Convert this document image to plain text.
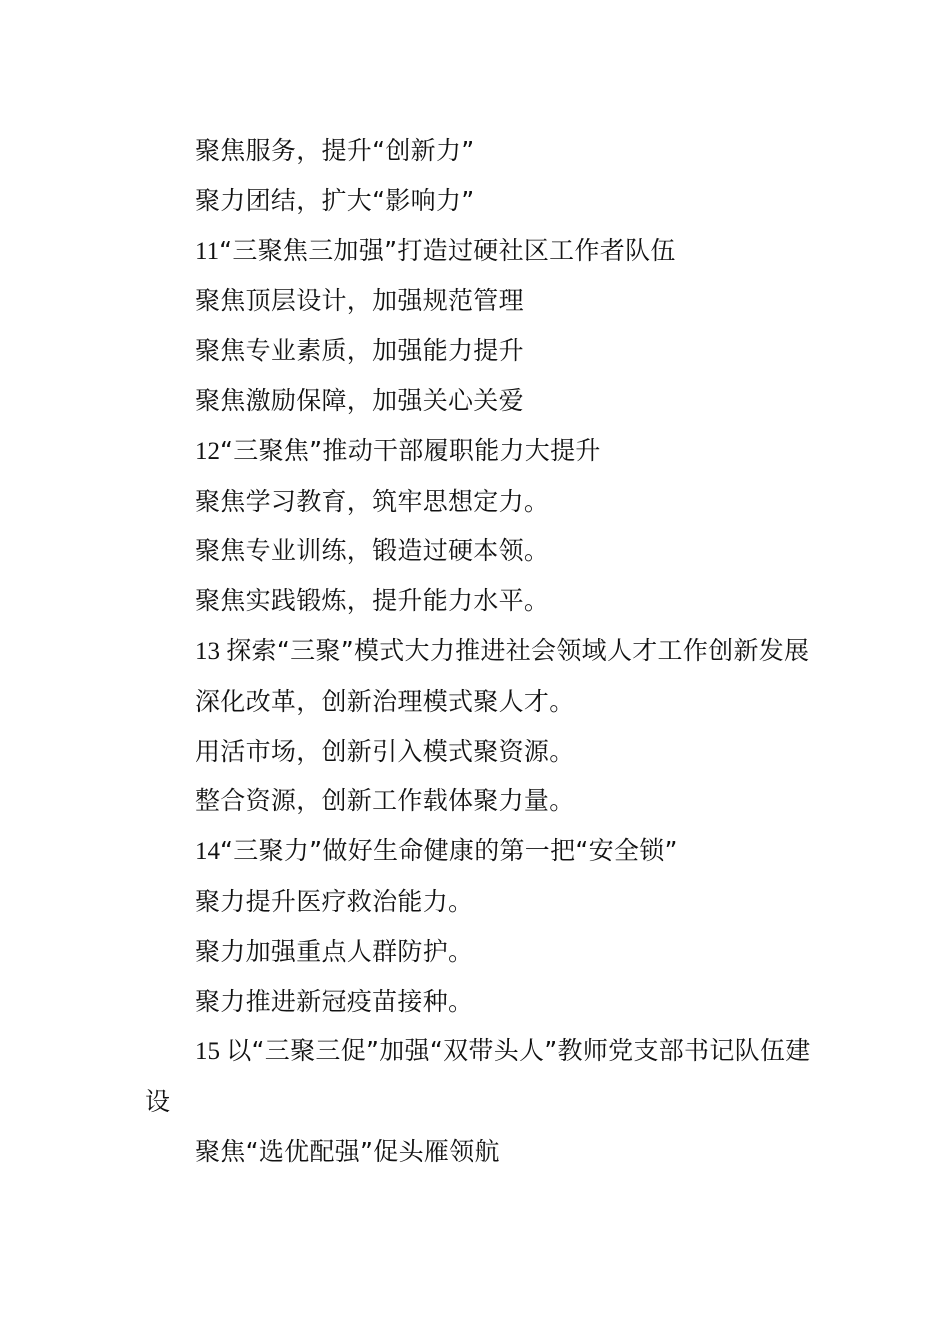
聚焦服务，提升“创新力”
聚力团结，扩大“影响力”
11“三聚焦三加强”打造过硬社区工作者队伍
聚焦顶层设计，加强规范管理
聚焦专业素质，加强能力提升
聚焦激励保障，加强关心关爱
12“三聚焦”推动干部履职能力大提升
聚焦学习教育，筑牢思想定力。
聚焦专业训练，锻造过硬本领。
聚焦实践锻炼，提升能力水平。
13 探索“三聚”模式大力推进社会领域人才工作创新发展
深化改革，创新治理模式聚人才。
用活市场，创新引入模式聚资源。
整合资源，创新工作载体聚力量。
14“三聚力”做好生命健康的第一把“安全锁”
聚力提升医疗救治能力。
聚力加强重点人群防护。
聚力推进新冠疫苗接种。
15 以“三聚三促”加强“双带头人”教师党支部书记队伍建设
聚焦“选优配强”促头雁领航
